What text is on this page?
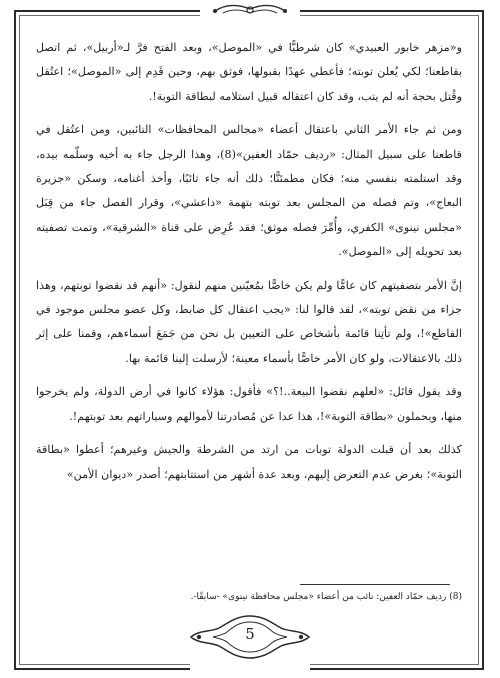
و«مزهر خابور العبيدي» كان شرطيًّا في «الموصل»، وبعد الفتح فرَّ لـ«أربيل»، ثم اتصل بقاطعنا؛ لكي يُعلن توبته؛ فأعطي عهدًا بقبولها، فوثق بهم، وحين قَدِم إلى «الموصل»؛ اعتُقل وقُتل بحجة أنه لم يتب، وقد كان اعتقاله قبيل استلامه لبطاقة التوبة!.

ومن ثم جاء الأمر الثاني باعتقال أعضاء «مجالس المحافظات» التائبين، ومن اعتُقل في قاطعنا على سبيل المثال: «رديف حمّاد العفين»(8)، وهذا الرجل جاء به أخيه وسلّمه بيده، وقد استلمته بنفسي منه؛ فكان مطمئنًّا؛ ذلك أنه جاء تائبًا، وأخذ أغنامه، وسكن «جزيرة البعاج»، وتم فصله من المجلس بعد توبته بتهمة «داعشي»، وقرار الفصل جاء من قِبَل «مجلس نينوى» الكفري، وأُمِّرَ فصله موثق؛ فقد عُرِض على قناة «الشرقية»، وتمت تصفيته بعد تحويله إلى «الموصل».

إنَّ الأمر بتصفيتهم كان عامًّا ولم يكن خاصًّا بمُعيّنين منهم لنقول: «أنهم قد نقضوا توبتهم، وهذا جزاء من نقض توبته»، لقد قالوا لنا: «يجب اعتقال كل ضابط، وكل عضو مجلس موجود في القاطع»!، ولم تأتِنا قائمة بأشخاص على التعيين بل نحن من جَمَعَ أسماءهم، وقمنا على إثر ذلك بالاعتقالات، ولو كان الأمر خاصًّا بأسماء معينة؛ لأرسلت إلينا قائمة بها.

وقد يقول قائل: «لعلهم نقضوا البيعة..!؟» فأقول: هؤلاء كانوا في أرض الدولة، ولم يخرجوا منها، ويحملون «بطاقة التوبة»!، هذا عدا عن مُصادرتنا لأموالهم وسياراتهم بعد توبتهم!.

كذلك بعد أن قبلت الدولة توبات من ارتد من الشرطة والجيش وغيرهم؛ أعطوا «بطاقة التوبة»؛ بغرض عدم التعرض إليهم، وبعد عدة أشهر من استتابتهم؛ أصدر «ديوان الأمن»

(8) رديف حمّاد العفين: نائب من أعضاء «مجلس محافظة نينوى» -سابقًا-.
5
